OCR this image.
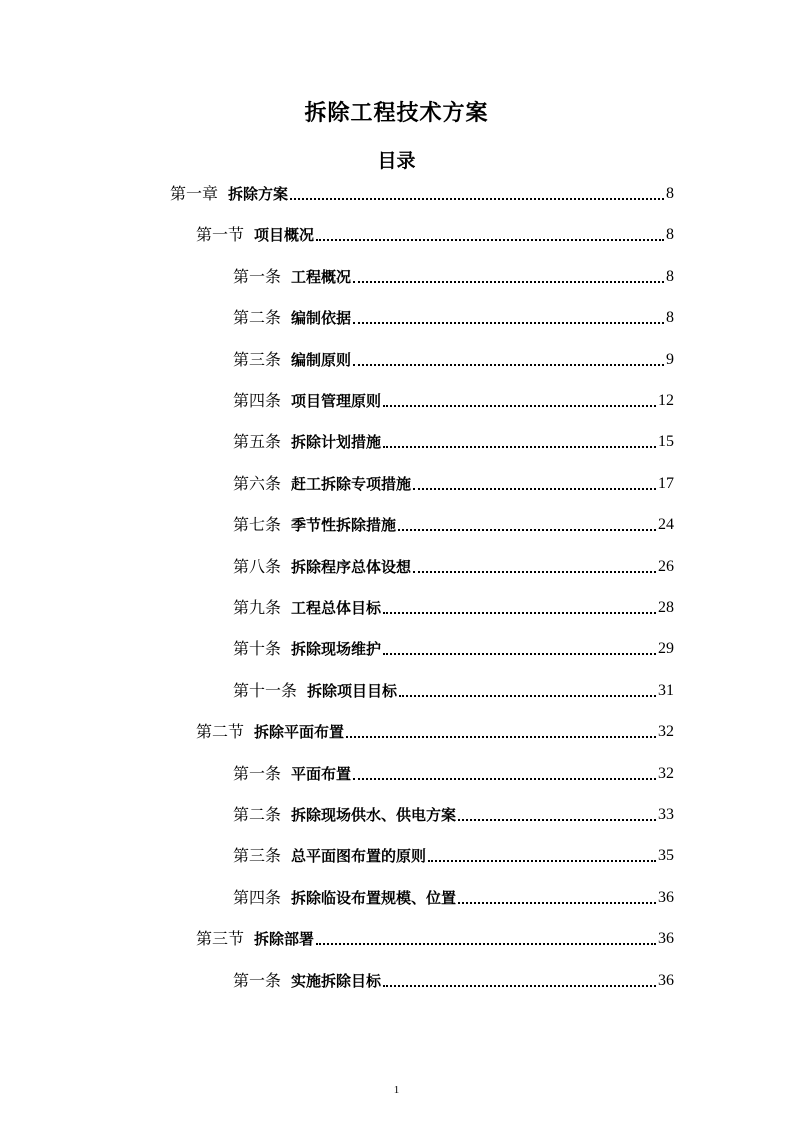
拆除工程技术方案
目录
第一章 拆除方案	8
第一节 项目概况	8
第一条 工程概况	8
第二条 编制依据	8
第三条 编制原则	9
第四条 项目管理原则	12
第五条 拆除计划措施	15
第六条 赶工拆除专项措施	17
第七条 季节性拆除措施	24
第八条 拆除程序总体设想	26
第九条 工程总体目标	28
第十条 拆除现场维护	29
第十一条 拆除项目目标	31
第二节 拆除平面布置	32
第一条 平面布置	32
第二条 拆除现场供水、供电方案	33
第三条 总平面图布置的原则	35
第四条 拆除临设布置规模、位置	36
第三节 拆除部署	36
第一条 实施拆除目标	36
1
